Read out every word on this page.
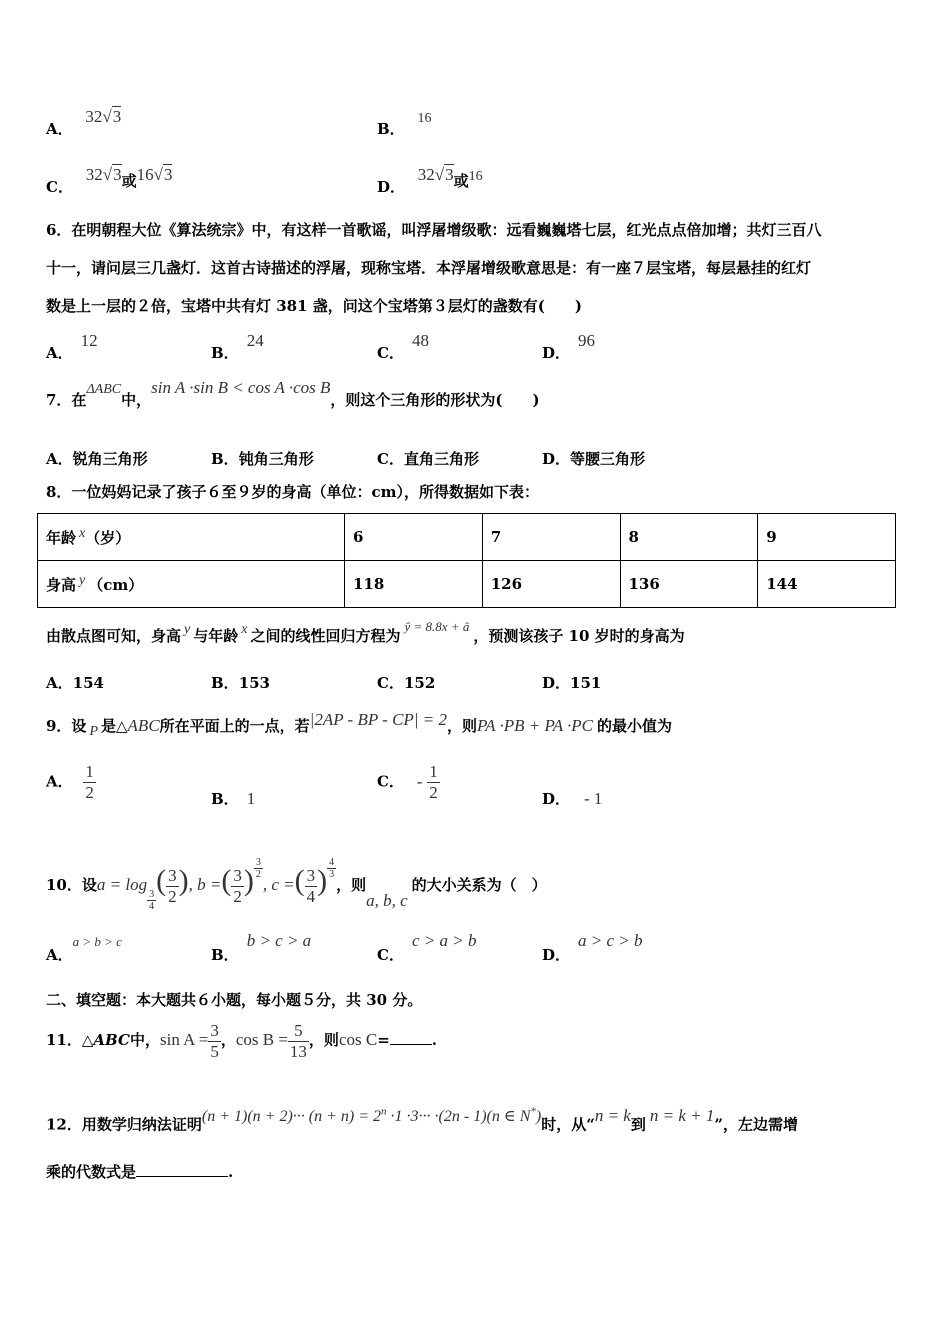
A． 32√3
B． 16
C． 32√3或16√3
D． 32√3或16
6．在明朝程大位《算法统宗》中，有这样一首歌谣，叫浮屠增级歌：远看巍巍塔七层，红光点点倍加增；共灯三百八
十一，请问层三几盏灯．这首古诗描述的浮屠，现称宝塔．本浮屠增级歌意思是：有一座７层宝塔，每层悬挂的红灯
数是上一层的２倍，宝塔中共有灯 381 盏，问这个宝塔第３层灯的盏数有(　　)
A．12
B．24
C．48
D．96
7．在ΔABC中，sin A ·sin B < cos A ·cos B，则这个三角形的形状为(　　)
A．锐角三角形	B．钝角三角形	C．直角三角形	D．等腰三角形
8．一位妈妈记录了孩子６至９岁的身高（单位：cm），所得数据如下表：
年龄 x（岁）	6	7	8	9
身高 y （cm）	118	126	136	144
由散点图可知，身高 y 与年龄 x 之间的线性回归方程为ŷ = 8.8x + â，预测该孩子 10 岁时的身高为
A．154	B．153	C．152	D．151
9．设 P 是△ABC所在平面上的一点，若|2AP - BP - CP| = 2，则PA ·PB + PA ·PC 的最小值为
A． $\frac{1}{2}$	B． 1
C． - $\frac{1}{2}$	D． - 1
10．设a = log
$\frac{3}{4}$
( $\frac{3}{2}$ ), b =( $\frac{3}{2}$ ) $\frac{3}{2}$
, c =( $\frac{3}{4}$ ) $\frac{4}{3}$
，则a, b, c的大小关系为（　）
A．a > b > c
B．b > c > a
C．c > a > b
D．a > c > b
二、填空题：本大题共６小题，每小题５分，共 30 分。
11．△ABC中，$\sin A = \frac{3}{5}$ ，$\cos B = \frac{5}{13}$ ，则cos C=	.
12．用数学归纳法证明$(n + 1)(n + 2)\cdot\cdot\cdot (n + n) = 2^n \cdot 1 \cdot 3\cdot\cdot\cdot \cdot(2n - 1)(n$ ∈ N*)时，从“n = k到 n = k + 1”，左边需增
乘的代数式是	.
